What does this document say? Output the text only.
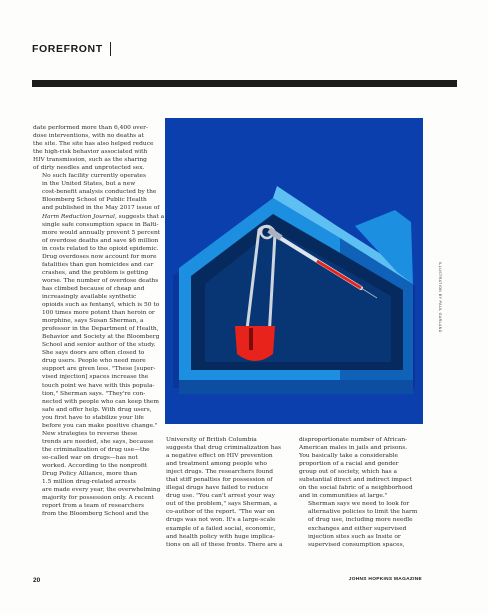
FOREFRONT

date performed more than 6,400 over-
dose interventions, with no deaths at
the site. The site has also helped reduce
the high-risk behavior associated with
HIV transmission, such as the sharing
of dirty needles and unprotected sex.

No such facility currently operates
in the United States, but a new
cost-benefit analysis conducted by the
Bloomberg School of Public Health
and published in the May 2017 issue of
Harm Reduction Journal, suggests that a
single safe consumption space in Balti-
more would annually prevent 5 percent
of overdose deaths and save $6 million
in costs related to the opioid epidemic.
Drug overdoses now account for more
fatalities than gun homicides and car
crashes, and the problem is getting
worse. The number of overdose deaths
has climbed because of cheap and
increasingly available synthetic
opioids such as fentanyl, which is 50 to
100 times more potent than heroin or
morphine, says Susan Sherman, a
professor in the Department of Health,
Behavior and Society at the Bloomberg
School and senior author of the study.

She says doors are often closed to
drug users. People who need more
support are given less. "These [super-
vised injection] spaces increase the
touch point we have with this popula-
tion," Sherman says. "They're con-
nected with people who can keep them
safe and offer help. With drug users,
you first have to stabilize your life
before you can make positive change."

New strategies to reverse these
trends are needed, she says, because
the criminalization of drug use—the
so-called war on drugs—has not
worked. According to the nonprofit
Drug Policy Alliance, more than
1.5 million drug-related arrests
are made every year, the overwhelming
majority for possession only. A recent
report from a team of researchers
from the Bloomberg School and the

ILLUSTRATION BY PAUL GARLAND

University of British Columbia
suggests that drug criminalization has
a negative effect on HIV prevention
and treatment among people who
inject drugs. The researchers found
that stiff penalties for possession of
illegal drugs have failed to reduce
drug use. "You can't arrest your way
out of the problem," says Sherman, a
co-author of the report. "The war on
drugs was not won. It's a large-scale
example of a failed social, economic,
and health policy with huge implica-
tions on all of these fronts. There are a

disproportionate number of African-
American males in jails and prisons.
You basically take a considerable
proportion of a racial and gender
group out of society, which has a
substantial direct and indirect impact
on the social fabric of a neighborhood
and in communities at large."

Sherman says we need to look for
alternative policies to limit the harm
of drug use, including more needle
exchanges and either supervised
injection sites such as Insite or
supervised consumption spaces,

20	JOHNS HOPKINS MAGAZINE
